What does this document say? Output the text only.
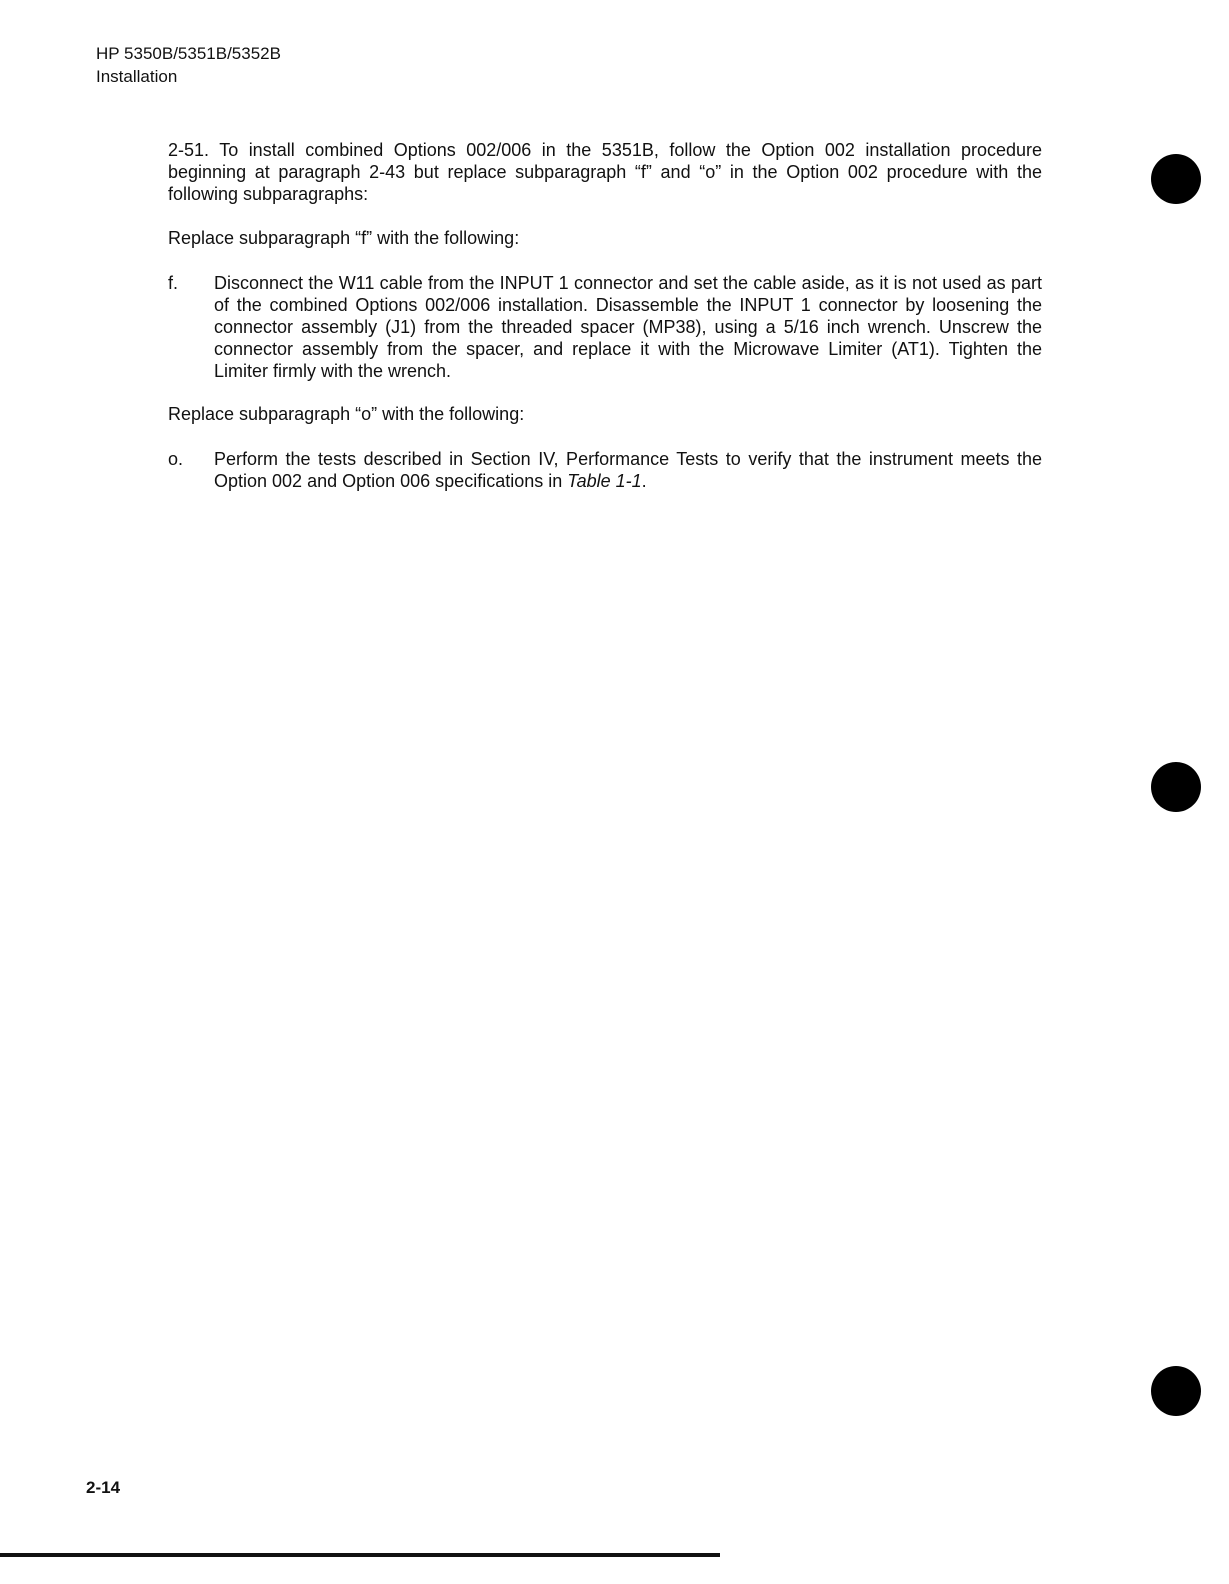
HP 5350B/5351B/5352B
Installation

2-51. To install combined Options 002/006 in the 5351B, follow the Option 002 installation procedure beginning at paragraph 2-43 but replace subparagraph “f” and “o” in the Option 002 procedure with the following subparagraphs:

Replace subparagraph “f” with the following:

f.	Disconnect the W11 cable from the INPUT 1 connector and set the cable aside, as it is not used as part of the combined Options 002/006 installation. Disassemble the INPUT 1 connector by loosening the connector assembly (J1) from the threaded spacer (MP38), using a 5/16 inch wrench. Unscrew the connector assembly from the spacer, and replace it with the Microwave Limiter (AT1). Tighten the Limiter firmly with the wrench.

Replace subparagraph “o” with the following:

o.	Perform the tests described in Section IV, Performance Tests to verify that the instrument meets the Option 002 and Option 006 specifications in Table 1-1.

2-14
